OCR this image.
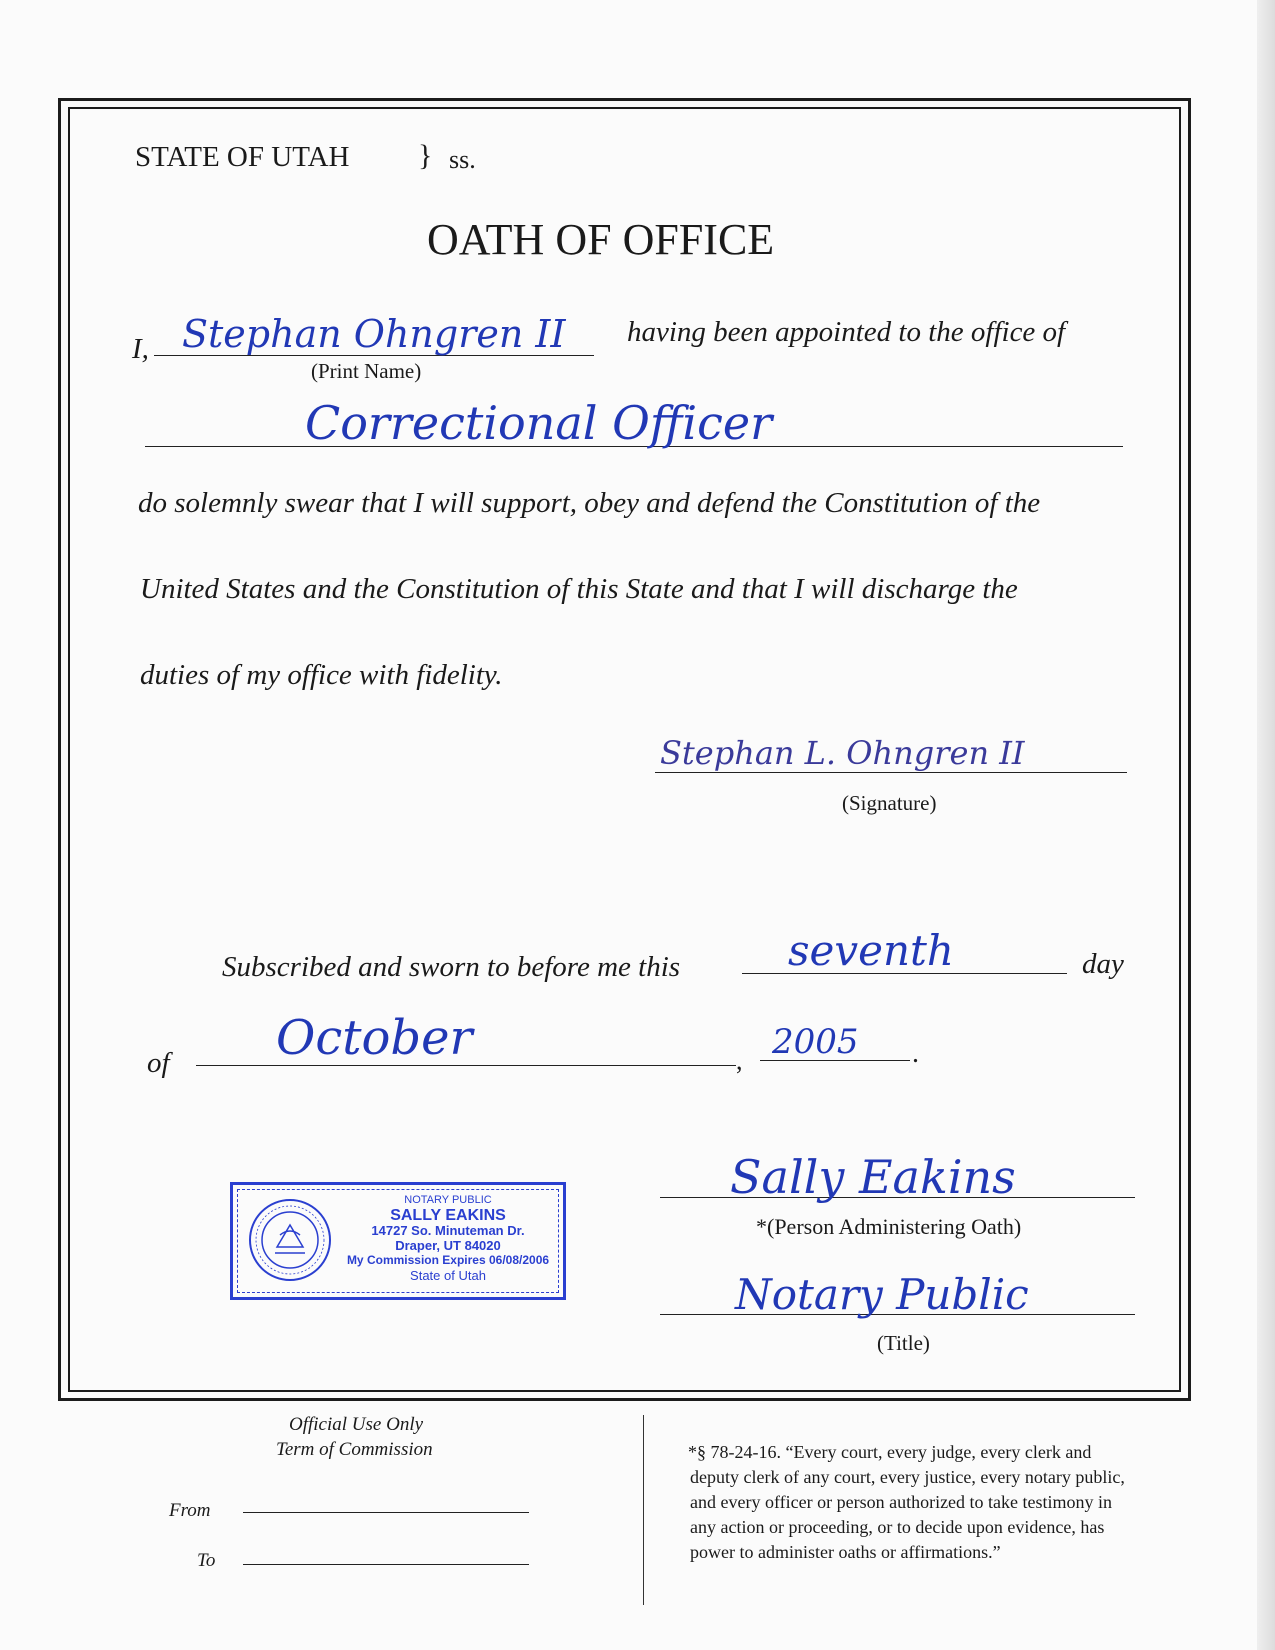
STATE OF UTAH } ss.
OATH OF OFFICE
I, Stephan Ohngren II
(Print Name)
having been appointed to the office of
Correctional Officer
do solemnly swear that I will support, obey and defend the Constitution of the
United States and the Constitution of this State and that I will discharge the
duties of my office with fidelity.
Stephan L. Ohngren II
(Signature)
Subscribed and sworn to before me this	seventh	day
of October	, 2005 .
NOTARY PUBLIC
SALLY EAKINS
14727 So. Minuteman Dr.
Draper, UT 84020
My Commission Expires 06/08/2006
State of Utah
Sally Eakins
*(Person Administering Oath)
Notary Public
(Title)
Official Use Only
Term of Commission
From
To
*§ 78-24-16. “Every court, every judge, every clerk and
deputy clerk of any court, every justice, every notary public,
and every officer or person authorized to take testimony in
any action or proceeding, or to decide upon evidence, has
power to administer oaths or affirmations.”
